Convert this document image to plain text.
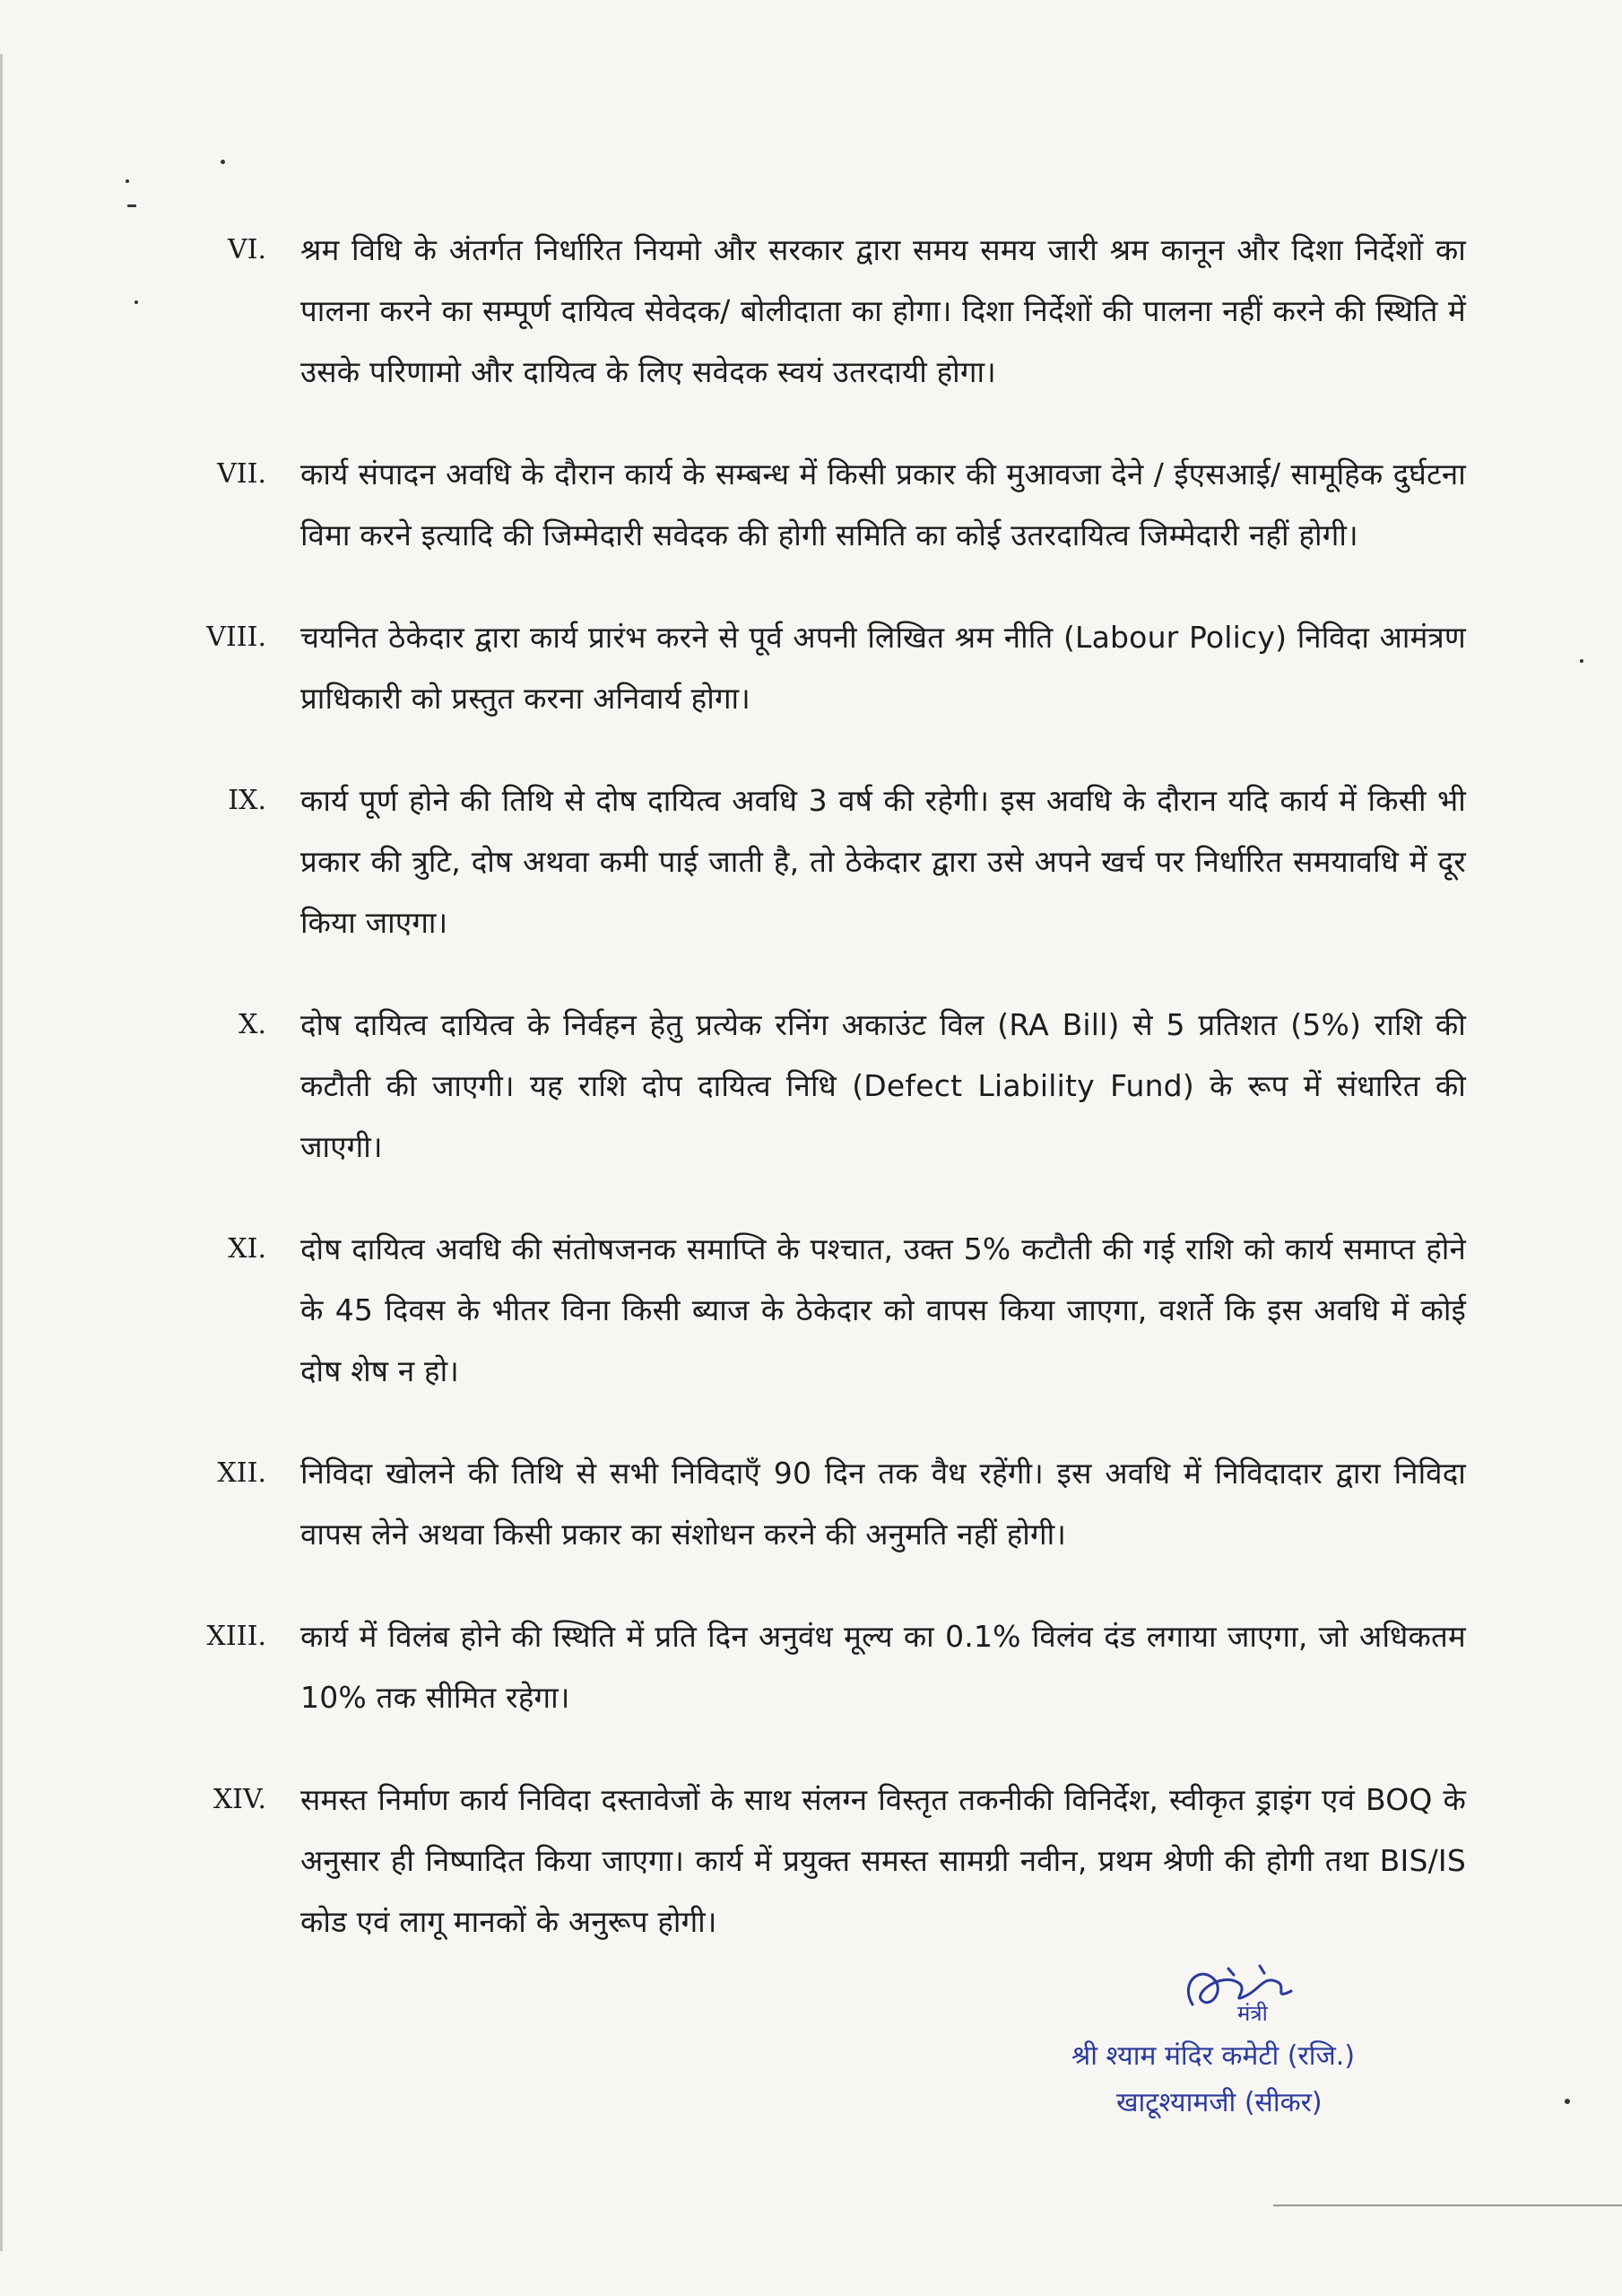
VI.	श्रम विधि के अंतर्गत निर्धारित नियमो और सरकार द्वारा समय समय जारी श्रम कानून और दिशा निर्देशों का पालना करने का सम्पूर्ण दायित्व सेवेदक/ बोलीदाता का होगा। दिशा निर्देशों की पालना नहीं करने की स्थिति में उसके परिणामो और दायित्व के लिए सवेदक स्वयं उतरदायी होगा।
VII.	कार्य संपादन अवधि के दौरान कार्य के सम्बन्ध में किसी प्रकार की मुआवजा देने / ईएसआई/ सामूहिक दुर्घटना विमा करने इत्यादि की जिम्मेदारी सवेदक की होगी समिति का कोई उतरदायित्व जिम्मेदारी नहीं होगी।
VIII.	चयनित ठेकेदार द्वारा कार्य प्रारंभ करने से पूर्व अपनी लिखित श्रम नीति (Labour Policy) निविदा आमंत्रण प्राधिकारी को प्रस्तुत करना अनिवार्य होगा।
IX.	कार्य पूर्ण होने की तिथि से दोष दायित्व अवधि 3 वर्ष की रहेगी। इस अवधि के दौरान यदि कार्य में किसी भी प्रकार की त्रुटि, दोष अथवा कमी पाई जाती है, तो ठेकेदार द्वारा उसे अपने खर्च पर निर्धारित समयावधि में दूर किया जाएगा।
X.	दोष दायित्व दायित्व के निर्वहन हेतु प्रत्येक रनिंग अकाउंट विल (RA Bill) से 5 प्रतिशत (5%) राशि की कटौती की जाएगी। यह राशि दोप दायित्व निधि (Defect Liability Fund) के रूप में संधारित की जाएगी।
XI.	दोष दायित्व अवधि की संतोषजनक समाप्ति के पश्चात, उक्त 5% कटौती की गई राशि को कार्य समाप्त होने के 45 दिवस के भीतर विना किसी ब्याज के ठेकेदार को वापस किया जाएगा, वशर्ते कि इस अवधि में कोई दोष शेष न हो।
XII.	निविदा खोलने की तिथि से सभी निविदाएँ 90 दिन तक वैध रहेंगी। इस अवधि में निविदादार द्वारा निविदा वापस लेने अथवा किसी प्रकार का संशोधन करने की अनुमति नहीं होगी।
XIII.	कार्य में विलंब होने की स्थिति में प्रति दिन अनुवंध मूल्य का 0.1% विलंव दंड लगाया जाएगा, जो अधिकतम 10% तक सीमित रहेगा।
XIV.	समस्त निर्माण कार्य निविदा दस्तावेजों के साथ संलग्न विस्तृत तकनीकी विनिर्देश, स्वीकृत ड्राइंग एवं BOQ के अनुसार ही निष्पादित किया जाएगा। कार्य में प्रयुक्त समस्त सामग्री नवीन, प्रथम श्रेणी की होगी तथा BIS/IS कोड एवं लागू मानकों के अनुरूप होगी।
मंत्री
श्री श्याम मंदिर कमेटी (रजि.)
खाटूश्यामजी (सीकर)
